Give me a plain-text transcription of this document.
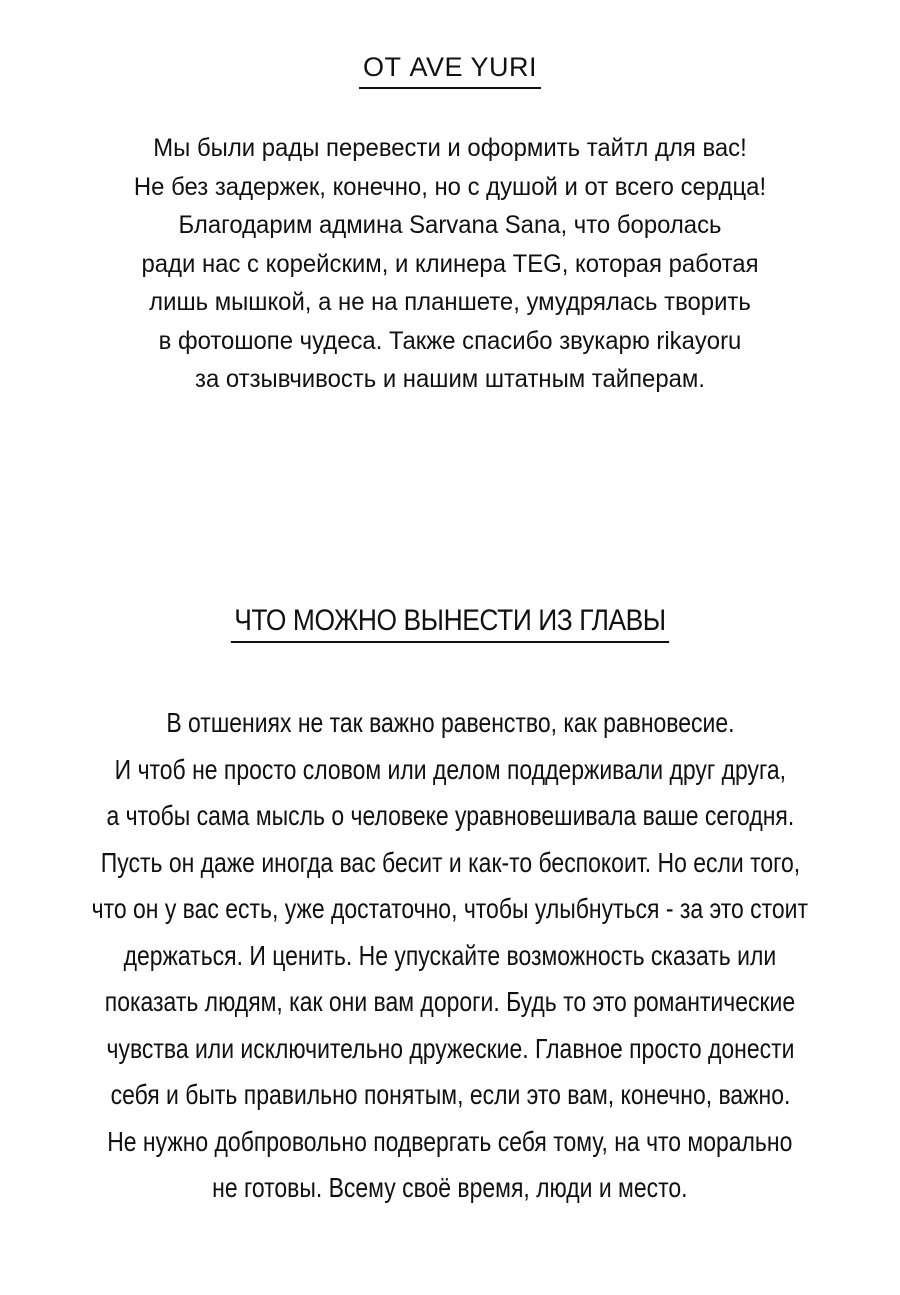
ОТ AVE YURI
Мы были рады перевести и оформить тайтл для вас!
Не без задержек, конечно, но с душой и от всего сердца!
Благодарим админа Sarvana Sana, что боролась
ради нас с корейским, и клинера TEG, которая работая
лишь мышкой, а не на планшете, умудрялась творить
в фотошопе чудеса. Также спасибо звукарю rikayoru
за отзывчивость и нашим штатным тайперам.
ЧТО МОЖНО ВЫНЕСТИ ИЗ ГЛАВЫ
В отшениях не так важно равенство, как равновесие.
И чтоб не просто словом или делом поддерживали друг друга,
а чтобы сама мысль о человеке уравновешивала ваше сегодня.
Пусть он даже иногда вас бесит и как-то беспокоит. Но если того,
что он у вас есть, уже достаточно, чтобы улыбнуться - за это стоит
держаться. И ценить. Не упускайте возможность сказать или
показать людям, как они вам дороги. Будь то это романтические
чувства или исключительно дружеские. Главное просто донести
себя и быть правильно понятым, если это вам, конечно, важно.
Не нужно добпровольно подвергать себя тому, на что морально
не готовы. Всему своё время, люди и место.
